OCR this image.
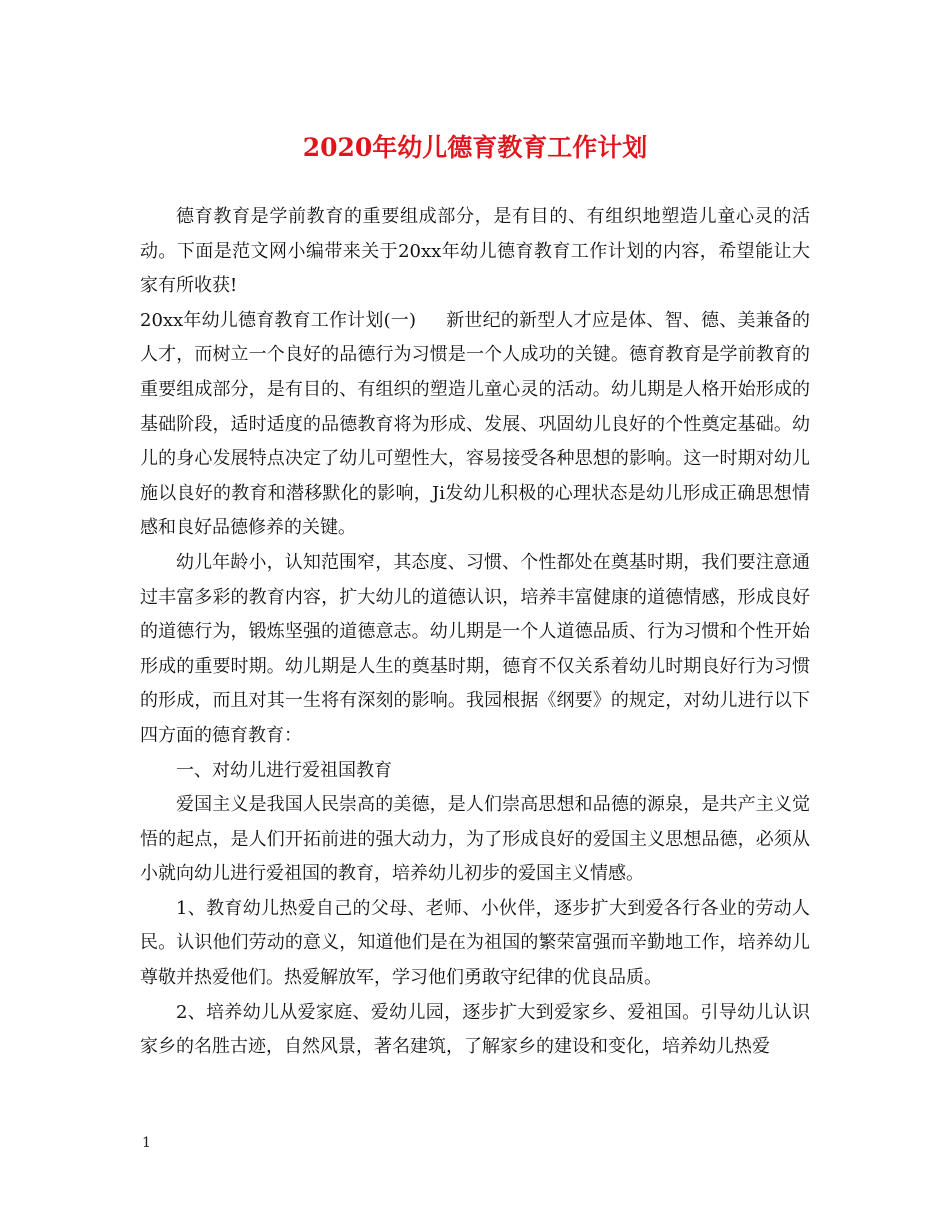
2020年幼儿德育教育工作计划

德育教育是学前教育的重要组成部分，是有目的、有组织地塑造儿童心灵的活动。下面是范文网小编带来关于20xx年幼儿德育教育工作计划的内容，希望能让大家有所收获!

20xx年幼儿德育教育工作计划(一) 新世纪的新型人才应是体、智、德、美兼备的人才，而树立一个良好的品德行为习惯是一个人成功的关键。德育教育是学前教育的重要组成部分，是有目的、有组织的塑造儿童心灵的活动。幼儿期是人格开始形成的基础阶段，适时适度的品德教育将为形成、发展、巩固幼儿良好的个性奠定基础。幼儿的身心发展特点决定了幼儿可塑性大，容易接受各种思想的影响。这一时期对幼儿施以良好的教育和潜移默化的影响，Ji发幼儿积极的心理状态是幼儿形成正确思想情感和良好品德修养的关键。

幼儿年龄小，认知范围窄，其态度、习惯、个性都处在奠基时期，我们要注意通过丰富多彩的教育内容，扩大幼儿的道德认识，培养丰富健康的道德情感，形成良好的道德行为，锻炼坚强的道德意志。幼儿期是一个人道德品质、行为习惯和个性开始形成的重要时期。幼儿期是人生的奠基时期，德育不仅关系着幼儿时期良好行为习惯的形成，而且对其一生将有深刻的影响。我园根据《纲要》的规定，对幼儿进行以下四方面的德育教育：

一、对幼儿进行爱祖国教育

爱国主义是我国人民崇高的美德，是人们崇高思想和品德的源泉，是共产主义觉悟的起点，是人们开拓前进的强大动力，为了形成良好的爱国主义思想品德，必须从小就向幼儿进行爱祖国的教育，培养幼儿初步的爱国主义情感。

1、教育幼儿热爱自己的父母、老师、小伙伴，逐步扩大到爱各行各业的劳动人民。认识他们劳动的意义，知道他们是在为祖国的繁荣富强而辛勤地工作，培养幼儿尊敬并热爱他们。热爱解放军，学习他们勇敢守纪律的优良品质。

2、培养幼儿从爱家庭、爱幼儿园，逐步扩大到爱家乡、爱祖国。引导幼儿认识家乡的名胜古迹，自然风景，著名建筑，了解家乡的建设和变化，培养幼儿热爱

1
